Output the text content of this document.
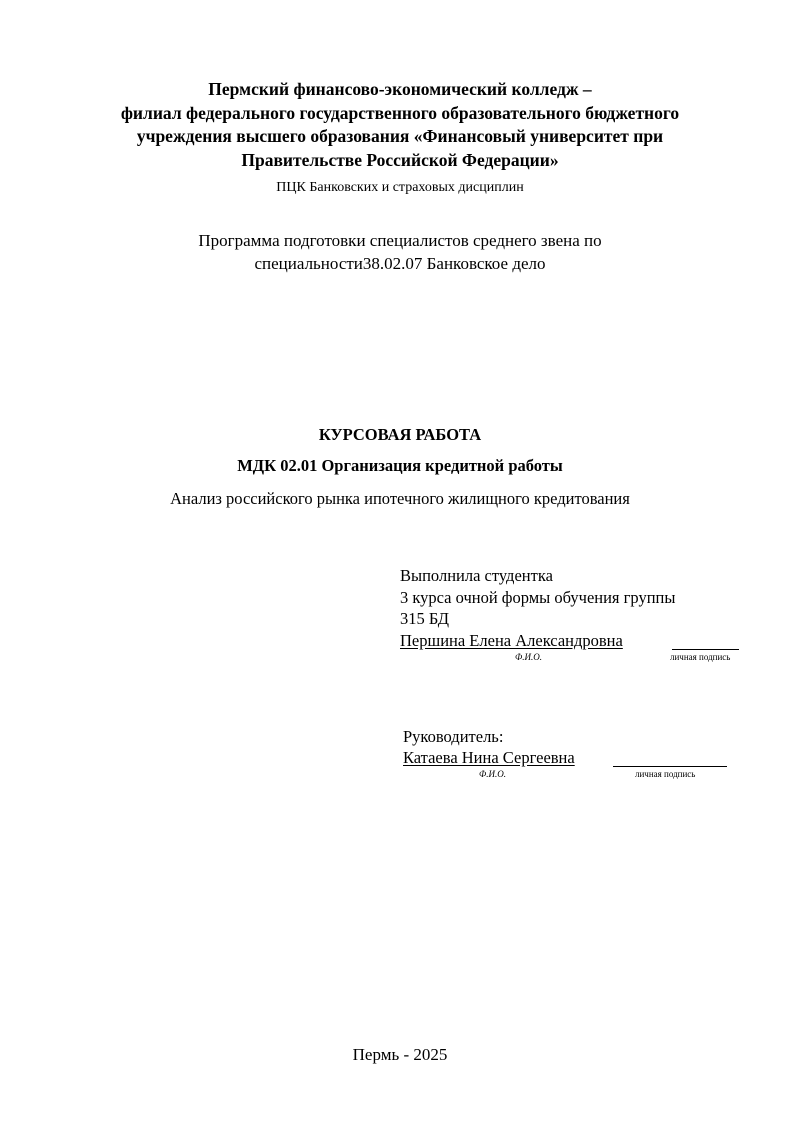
Пермский финансово-экономический колледж –
филиал федерального государственного образовательного бюджетного
учреждения высшего образования «Финансовый университет при
Правительстве Российской Федерации»
ПЦК Банковских и страховых дисциплин
Программа подготовки специалистов среднего звена по
специальности38.02.07 Банковское дело
КУРСОВАЯ РАБОТА
МДК 02.01 Организация кредитной работы
Анализ российского рынка ипотечного жилищного кредитования
Выполнила студентка
3 курса очной формы обучения группы
315 БД
Першина Елена Александровна
Ф.И.О.	личная подпись
Руководитель:
Катаева Нина Сергеевна
Ф.И.О.	личная подпись
Пермь - 2025
